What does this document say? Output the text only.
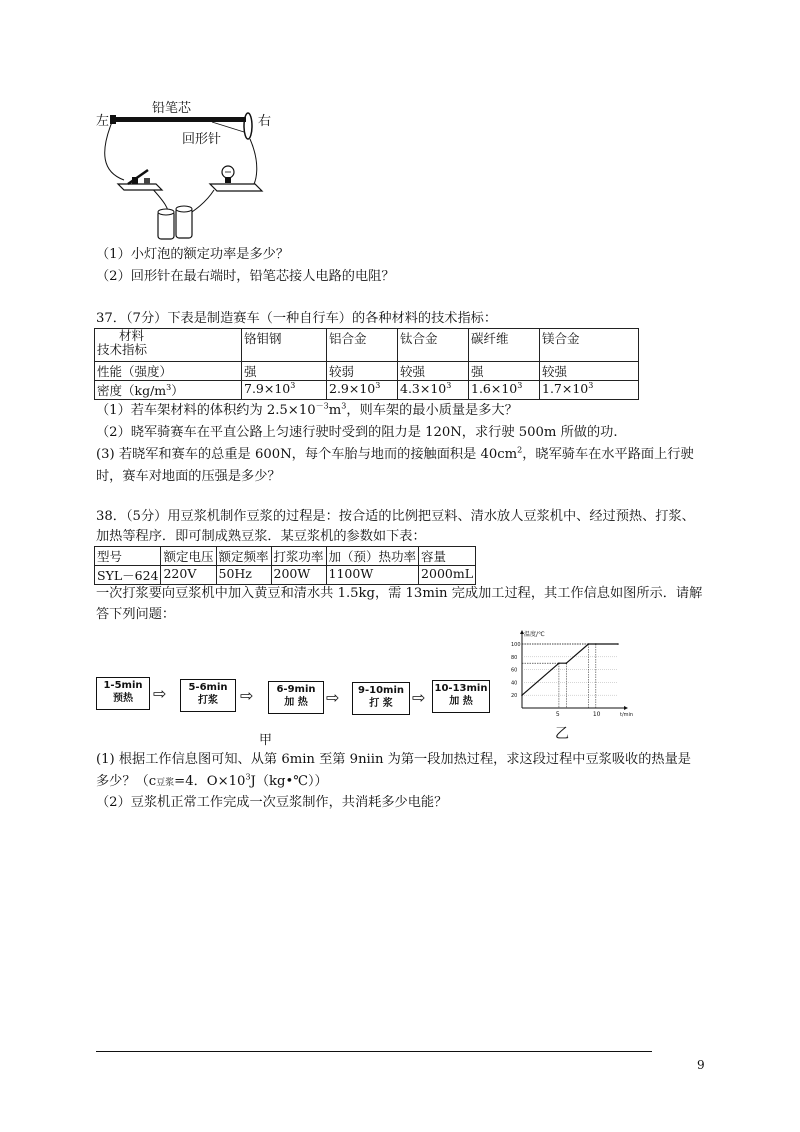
铅笔芯
左	右
回形针
（1）小灯泡的额定功率是多少？
（2）回形针在最右端时，铅笔芯接人电路的电阻？
37．（7分）下表是制造赛车（一种自行车）的各种材料的技术指标：
材料
技术指标	铬钼钢	铝合金	钛合金	碳纤维	镁合金
性能（强度）	强	较弱	较强	强	较强
密度$(kg/m^3)$	$7.9\times 10^3$	$2.9\times 10^3$	$4.3\times 10^3$	$1.6\times 10^3$	$1.7\times 10^3$
（1）若车架材料的体积约为 $2.5\times 10^{-3}m^3$，则车架的最小质量是多大？
（2）晓军骑赛车在平直公路上匀速行驶时受到的阻力是 120N，求行驶 500m 所做的功.
(3) 若晓军和赛车的总重是 600N，每个车胎与地而的接触面积是 $40cm^2$，晓军骑车在水平路面上行驶
时，赛车对地面的压强是多少？
38．（5分）用豆浆机制作豆浆的过程是：按合适的比例把豆料、清水放人豆浆机中、经过预热、打浆、
加热等程序．即可制成熟豆浆．某豆浆机的参数如下表：
型号	额定电压	额定频率	打浆功率	加（预）热功率	容量
SYL－624	220V	50Hz	200W	1100W	2000mL
一次打浆要向豆浆机中加入黄豆和清水共 1.5kg，需 13min 完成加工过程，其工作信息如图所示．请解
答下列问题：
1-5min
预热	⇨	5-6min
打浆	⇨	6-9min
加 热	⇨	9-10min
打 浆	⇨ 10-13min
加 热
甲
20
40
60
80
100
5	10	t/min
温度/℃
乙
(1) 根据工作信息图可知、从第 6min 至第 9niin 为第一段加热过程，求这段过程中豆浆吸收的热量是
多少？（c豆浆=4．$O\times 10^3J(kg•℃)$）
（2）豆浆机正常工作完成一次豆浆制作，共消耗多少电能？
9
